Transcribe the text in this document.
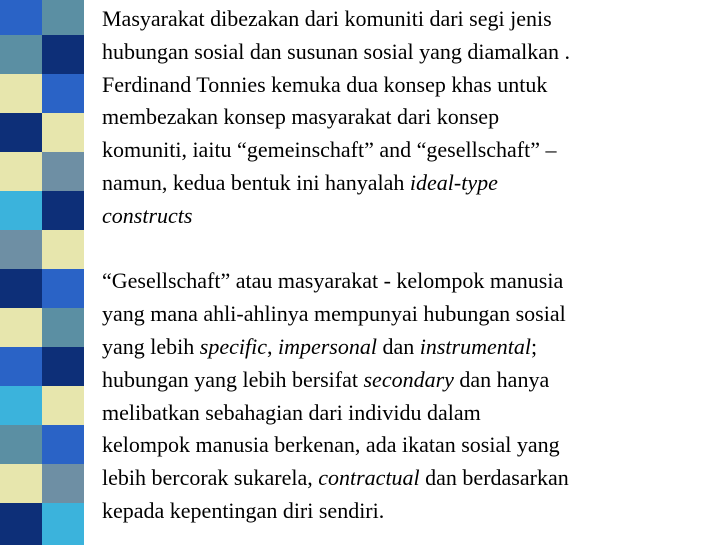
Masyarakat dibezakan dari komuniti dari segi jenis
hubungan sosial dan susunan sosial yang diamalkan .
Ferdinand Tonnies kemuka dua konsep khas untuk
membezakan konsep masyarakat dari konsep
komuniti, iaitu “gemeinschaft” and “gesellschaft” –
namun, kedua bentuk ini hanyalah ideal-type
constructs
“Gesellschaft” atau masyarakat - kelompok manusia
yang mana ahli-ahlinya mempunyai hubungan sosial
yang lebih specific, impersonal dan instrumental;
hubungan yang lebih bersifat secondary dan hanya
melibatkan sebahagian dari individu dalam
kelompok manusia berkenan, ada ikatan sosial yang
lebih bercorak sukarela, contractual dan berdasarkan
kepada kepentingan diri sendiri.
